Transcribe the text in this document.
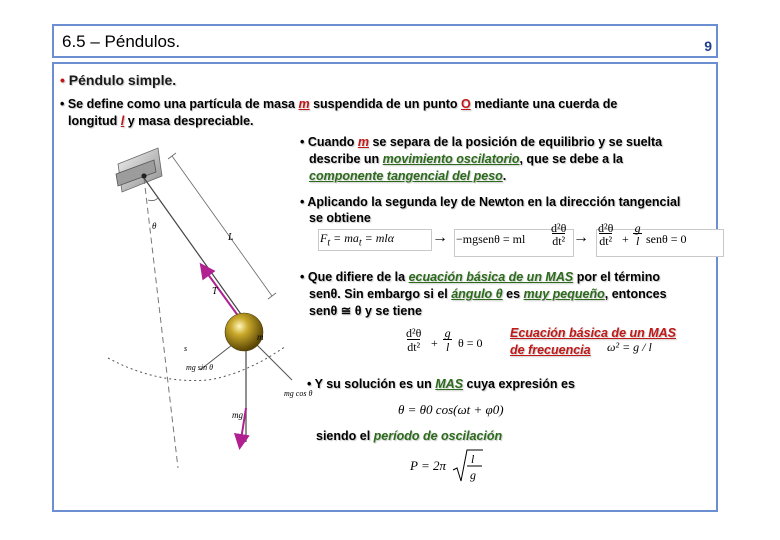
6.5 – Péndulos.	9
• Péndulo simple.
• Se define como una partícula de masa m suspendida de un punto O mediante una cuerda de
longitud l y masa despreciable.
• Cuando m se separa de la posición de equilibrio y se suelta
describe un movimiento oscilatorio, que se debe a la
componente tangencial del peso.
• Aplicando la segunda ley de Newton en la dirección tangencial
se obtiene
$F_t = ma_t = ml\alpha$ → −mgsenθ = ml
d²θ
dt² →
d²θ
dt² +
g
l senθ = 0
• Que difiere de la ecuación básica de un MAS por el término
senθ. Sin embargo si el ángulo θ es muy pequeño, entonces
senθ ≅ θ y se tiene
d²θ
dt² +
g
l θ = 0
Ecuación básica de un MAS
de frecuencia ω² = g / l
• Y su solución es un MAS cuya expresión es
θ = θ0 cos(ωt + φ0)
siendo el período de oscilación
P = 2π l
g
θ
L
T
m
s
mg sin θ
mg cos θ
mg
